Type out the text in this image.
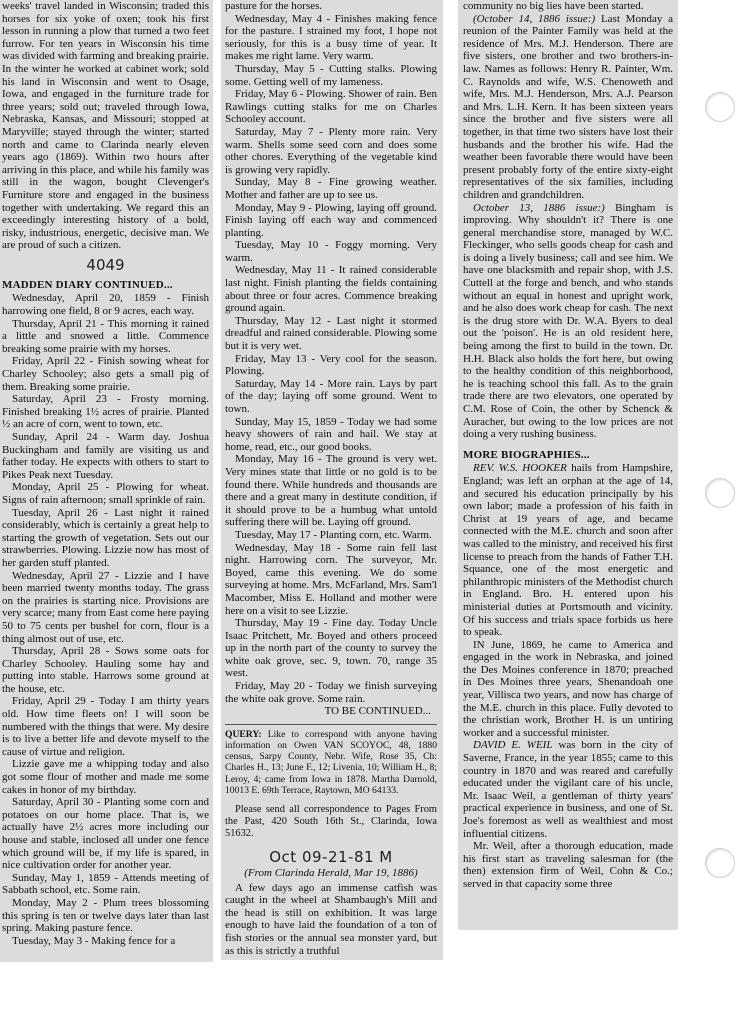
weeks' travel landed in Wisconsin; traded this horses for six yoke of oxen; took his first lesson in running a plow that turned a two feet furrow. For ten years in Wisconsin his time was divided with farming and breaking prairie. In the winter he worked at cabinet work; sold his land in Wisconsin and went to Osage, Iowa, and engaged in the furniture trade for three years; sold out; traveled through Iowa, Nebraska, Kansas, and Missouri; stopped at Maryville; stayed through the winter; started north and came to Clarinda nearly eleven years ago (1869). Within two hours after arriving in this place, and while his family was still in the wagon, bought Clevenger's Furniture store and engaged in the business together with undertaking. We regard this an exceedingly interesting history of a bold, risky, industrious, energetic, decisive man. We are proud of such a citizen.

4049
MADDEN DIARY CONTINUED...

Wednesday, April 20, 1859 - Finish harrowing one field, 8 or 9 acres, each way.

Thursday, April 21 - This morning it rained a little and snowed a little. Commence breaking some prairie with my horses.

Friday, April 22 - Finish sowing wheat for Charley Schooley; also gets a small pig of them. Breaking some prairie.

Saturday, April 23 - Frosty morning. Finished breaking 1½ acres of prairie. Planted ½ an acre of corn, went to town, etc.

Sunday, April 24 - Warm day. Joshua Buckingham and family are visiting us and father today. He expects with others to start to Pikes Peak next Tuesday.

Monday, April 25 - Plowing for wheat. Signs of rain afternoon; small sprinkle of rain.

Tuesday, April 26 - Last night it rained considerably, which is certainly a great help to starting the growth of vegetation. Sets out our strawberries. Plowing. Lizzie now has most of her garden stuff planted.

Wednesday, April 27 - Lizzie and I have been married twenty months today. The grass on the prairies is starting nice. Provisions are very scarce; many from East come here paying 50 to 75 cents per bushel for corn, flour is a thing almost out of use, etc.

Thursday, April 28 - Sows some oats for Charley Schooley. Hauling some hay and putting into stable. Harrows some ground at the house, etc.

Friday, April 29 - Today I am thirty years old. How time fleets on! I will soon be numbered with the things that were. My desire is to live a better life and devote myself to the cause of virtue and religion.

Lizzie gave me a whipping today and also got some flour of mother and made me some cakes in honor of my birthday.

Saturday, April 30 - Planting some corn and potatoes on our home place. That is, we actually have 2½ acres more including our house and stable, inclosed all under one fence which ground will be, if my life is spared, in nice cultivation order for another year.

Sunday, May 1, 1859 - Attends meeting of Sabbath school, etc. Some rain.

Monday, May 2 - Plum trees blossoming this spring is ten or twelve days later than last spring. Making pasture fence.

Tuesday, May 3 - Making fence for a

pasture for the horses.

Wednesday, May 4 - Finishes making fence for the pasture. I strained my foot, I hope not seriously, for this is a busy time of year. It makes me right lame. Very warm.

Thursday, May 5 - Cutting stalks. Plowing some. Getting well of my lameness.

Friday, May 6 - Plowing. Shower of rain. Ben Rawlings cutting stalks for me on Charles Schooley account.

Saturday, May 7 - Plenty more rain. Very warm. Shells some seed corn and does some other chores. Everything of the vegetable kind is growing very rapidly.

Sunday, May 8 - Fine growing weather. Mother and father are up to see us.

Monday, May 9 - Plowing, laying off ground. Finish laying off each way and commenced planting.

Tuesday, May 10 - Foggy morning. Very warm.

Wednesday, May 11 - It rained considerable last night. Finish planting the fields containing about three or four acres. Commence breaking ground again.

Thursday, May 12 - Last night it stormed dreadful and rained considerable. Plowing some but it is very wet.

Friday, May 13 - Very cool for the season. Plowing.

Saturday, May 14 - More rain. Lays by part of the day; laying off some ground. Went to town.

Sunday, May 15, 1859 - Today we had some heavy showers of rain and hail. We stay at home, read, etc., our good books.

Monday, May 16 - The ground is very wet. Very mines state that little or no gold is to be found there. While hundreds and thousands are there and a great many in destitute condition, if it should prove to be a humbug what untold suffering there will be. Laying off ground.

Tuesday, May 17 - Planting corn, etc. Warm.

Wednesday, May 18 - Some rain fell last night. Harrowing corn. The surveyor, Mr. Boyed, came this evening. We do some surveying at home. Mrs. McFarland, Mrs. Sam'l Macomber, Miss E. Holland and mother were here on a visit to see Lizzie.

Thursday, May 19 - Fine day. Today Uncle Isaac Pritchett, Mr. Boyed and others proceed up in the north part of the county to survey the white oak grove, sec. 9, town. 70, range 35 west.

Friday, May 20 - Today we finish surveying the white oak grove. Some rain.

TO BE CONTINUED...

QUERY: Like to correspond with anyone having information on Owen VAN SCOYOC, 48, 1880 census, Sarpy County, Nebr. Wife, Rose 35, Ch: Charles H., 13; June F., 12; Livenia, 10; William H., 8; Leroy, 4; came from Iowa in 1878. Martha Darnold, 10013 E. 69th Terrace, Raytown, MO 64133.

Please send all correspondence to Pages From the Past, 420 South 16th St., Clarinda, Iowa 51632.

Oct 09-21-81 M

(From Clarinda Herald, Mar 19, 1886)

A few days ago an immense catfish was caught in the wheel at Shambaugh's Mill and the head is still on exhibition. It was large enough to have laid the foundation of a ton of fish stories or the annual sea monster yard, but as this is strictly a truthful

community no big lies have been started.

(October 14, 1886 issue:) Last Monday a reunion of the Painter Family was held at the residence of Mrs. M.J. Henderson. There are five sisters, one brother and two brothers-in-law. Names as follows: Henry R. Painter, Wm. C. Raynolds and wife, W.S. Chenoweth and wife, Mrs. M.J. Henderson, Mrs. A.J. Pearson and Mrs. L.H. Kern. It has been sixteen years since the brother and five sisters were all together, in that time two sisters have lost their husbands and the brother his wife. Had the weather been favorable there would have been present probably forty of the entire sixty-eight representatives of the six families, including children and grandchildren.

October 13, 1886 issue:) Bingham is improving. Why shouldn't it? There is one general merchandise store, managed by W.C. Fleckinger, who sells goods cheap for cash and is doing a lively business; call and see him. We have one blacksmith and repair shop, with J.S. Cuttell at the forge and bench, and who stands without an equal in honest and upright work, and he also does work cheap for cash. The next is the drug store with Dr. W.A. Byers to deal out the 'poison'. He is an old resident here, being among the first to build in the town. Dr. H.H. Black also holds the fort here, but owing to the healthy condition of this neighborhood, he is teaching school this fall. As to the grain trade there are two elevators, one operated by C.M. Rose of Coin, the other by Schenck & Auracher, but owing to the low prices are not doing a very rushing business.

MORE BIOGRAPHIES...

REV. W.S. HOOKER hails from Hampshire, England; was left an orphan at the age of 14, and secured his education principally by his own labor; made a profession of his faith in Christ at 19 years of age, and became connected with the M.E. church and soon after was called to the ministry, and received his first license to preach from the hands of Father T.H. Squance, one of the most energetic and philanthropic ministers of the Methodist church in England. Bro. H. entered upon his ministerial duties at Portsmouth and vicinity. Of his success and trials space forbids us here to speak.

IN June, 1869, he came to America and engaged in the work in Nebraska, and joined the Des Moines conference in 1870; preached in Des Moines three years, Shenandoah one year, Villisca two years, and now has charge of the M.E. church in this place. Fully devoted to the christian work, Brother H. is un untiring worker and a successful minister.

DAVID E. WEIL was born in the city of Saverne, France, in the year 1855; came to this country in 1870 and was reared and carefully educated under the vigilant care of his uncle, Mr. Isaac Weil, a gentleman of thirty years' practical experience in business, and one of St. Joe's foremost as well as wealthiest and most influential citizens.

Mr. Weil, after a thorough education, made his first start as traveling salesman for (the then) extension firm of Weil, Cohn & Co.; served in that capacity some three
